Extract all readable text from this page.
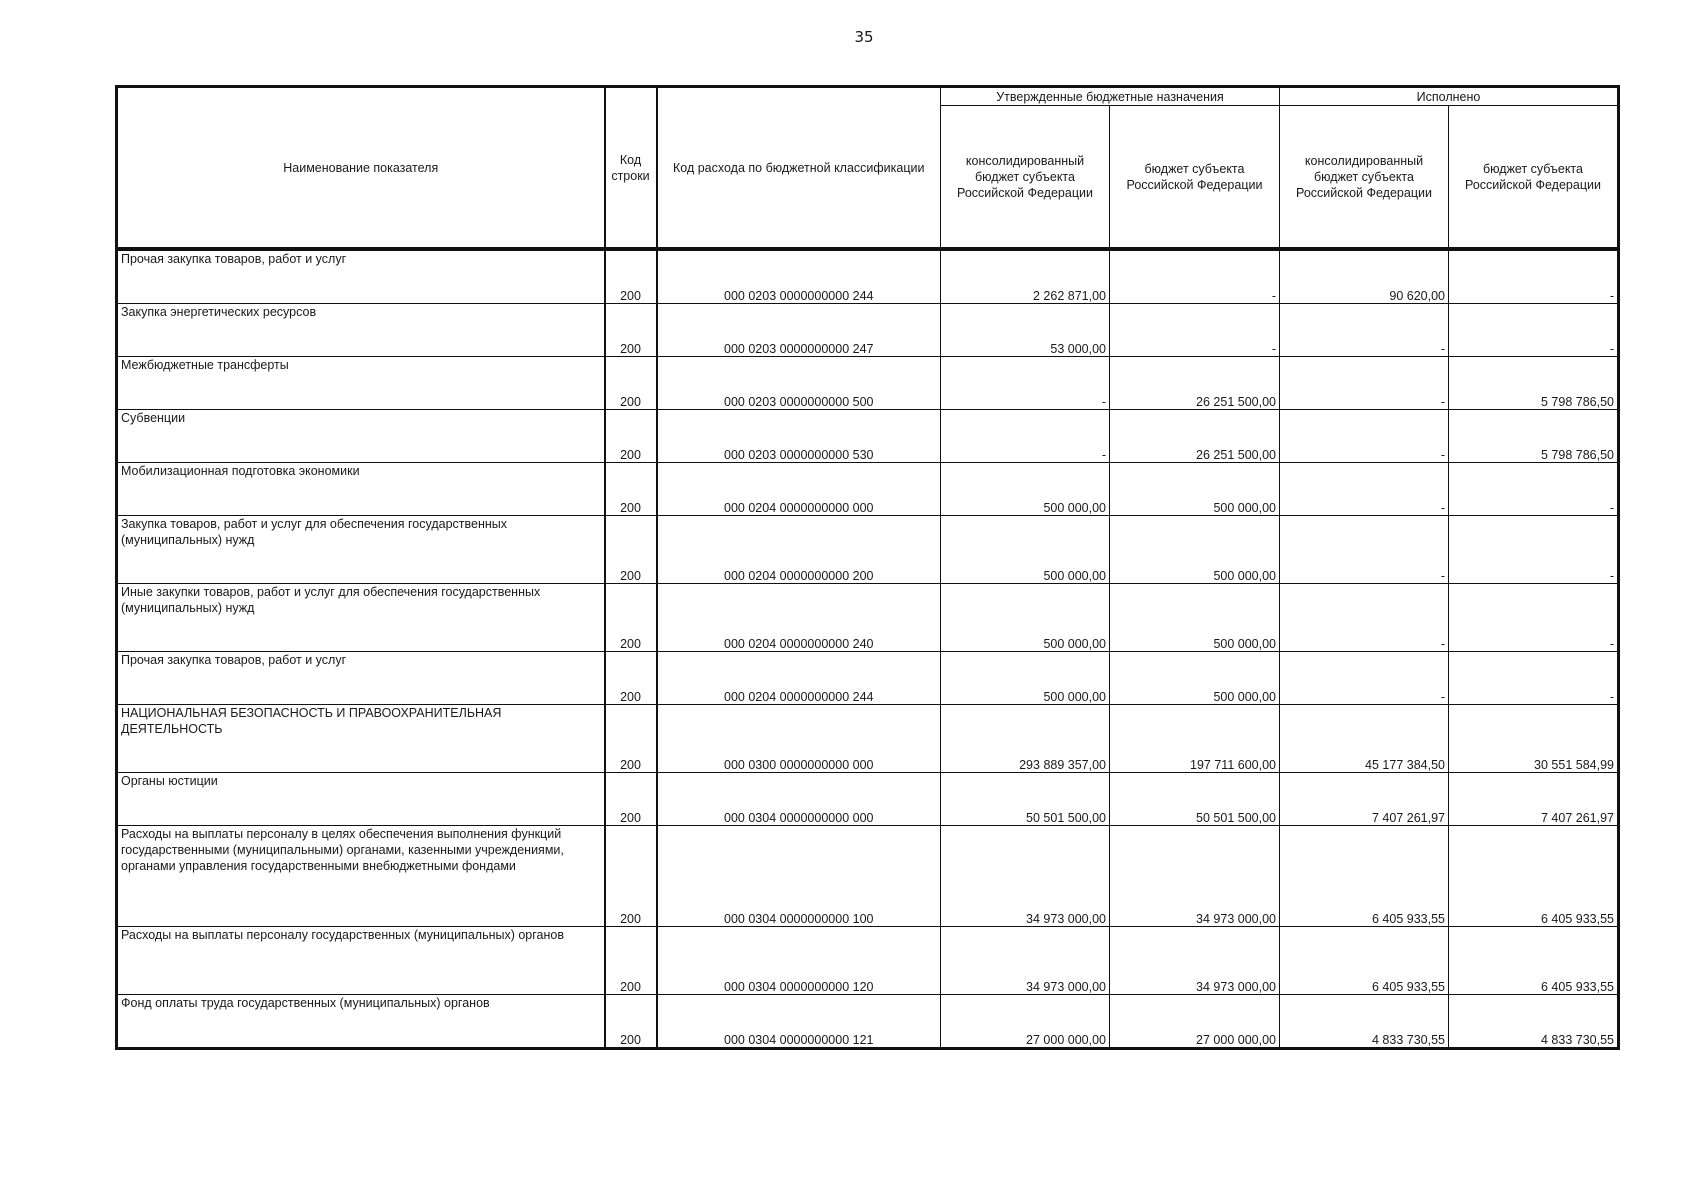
35
Наименование показателя	Код строки	Код расхода по бюджетной классификации	Утвержденные бюджетные назначения		Исполнено	
			консолидированный бюджет субъекта Российской Федерации	бюджет субъекта Российской Федерации	консолидированный бюджет субъекта Российской Федерации	бюджет субъекта Российской Федерации
Прочая закупка товаров, работ и услуг	200	000 0203 0000000000 244	2 262 871,00	-	90 620,00	-
Закупка энергетических ресурсов	200	000 0203 0000000000 247	53 000,00	-	-	-
Межбюджетные трансферты	200	000 0203 0000000000 500	-	26 251 500,00	-	5 798 786,50
Субвенции	200	000 0203 0000000000 530	-	26 251 500,00	-	5 798 786,50
Мобилизационная подготовка экономики	200	000 0204 0000000000 000	500 000,00	500 000,00	-	-
Закупка товаров, работ и услуг для обеспечения государственных (муниципальных) нужд	200	000 0204 0000000000 200	500 000,00	500 000,00	-	-
Иные закупки товаров, работ и услуг для обеспечения государственных (муниципальных) нужд	200	000 0204 0000000000 240	500 000,00	500 000,00	-	-
Прочая закупка товаров, работ и услуг	200	000 0204 0000000000 244	500 000,00	500 000,00	-	-
НАЦИОНАЛЬНАЯ БЕЗОПАСНОСТЬ И ПРАВООХРАНИТЕЛЬНАЯ ДЕЯТЕЛЬНОСТЬ	200	000 0300 0000000000 000	293 889 357,00	197 711 600,00	45 177 384,50	30 551 584,99
Органы юстиции	200	000 0304 0000000000 000	50 501 500,00	50 501 500,00	7 407 261,97	7 407 261,97
Расходы на выплаты персоналу в целях обеспечения выполнения функций государственными (муниципальными) органами, казенными учреждениями, органами управления государственными внебюджетными фондами	200	000 0304 0000000000 100	34 973 000,00	34 973 000,00	6 405 933,55	6 405 933,55
Расходы на выплаты персоналу государственных (муниципальных) органов	200	000 0304 0000000000 120	34 973 000,00	34 973 000,00	6 405 933,55	6 405 933,55
Фонд оплаты труда государственных (муниципальных) органов	200	000 0304 0000000000 121	27 000 000,00	27 000 000,00	4 833 730,55	4 833 730,55
